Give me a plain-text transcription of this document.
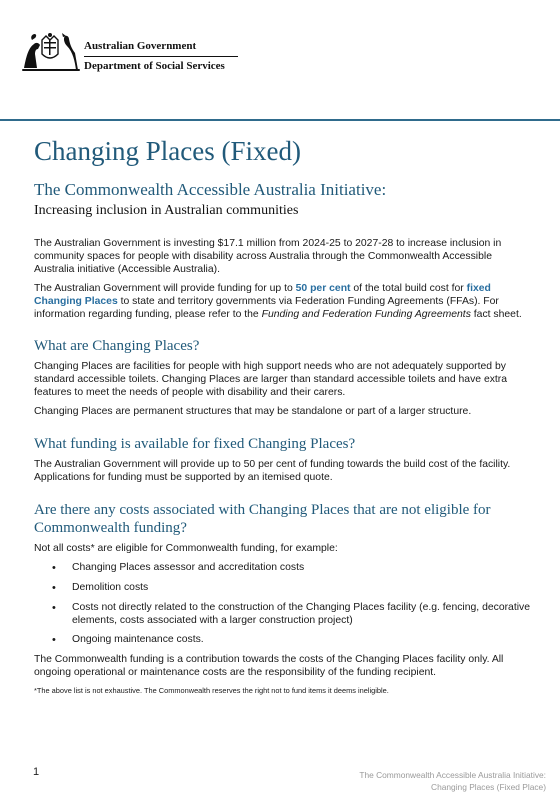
Australian Government
Department of Social Services
Changing Places (Fixed)
The Commonwealth Accessible Australia Initiative:
Increasing inclusion in Australian communities

The Australian Government is investing $17.1 million from 2024-25 to 2027-28 to increase inclusion in community spaces for people with disability across Australia through the Commonwealth Accessible Australia initiative (Accessible Australia).

The Australian Government will provide funding for up to 50 per cent of the total build cost for fixed Changing Places to state and territory governments via Federation Funding Agreements (FFAs). For information regarding funding, please refer to the Funding and Federation Funding Agreements fact sheet.

What are Changing Places?

Changing Places are facilities for people with high support needs who are not adequately supported by standard accessible toilets. Changing Places are larger than standard accessible toilets and have extra features to meet the needs of people with disability and their carers.

Changing Places are permanent structures that may be standalone or part of a larger structure.

What funding is available for fixed Changing Places?

The Australian Government will provide up to 50 per cent of funding towards the build cost of the facility. Applications for funding must be supported by an itemised quote.

Are there any costs associated with Changing Places that are not eligible for Commonwealth funding?

Not all costs* are eligible for Commonwealth funding, for example:

• Changing Places assessor and accreditation costs
• Demolition costs
• Costs not directly related to the construction of the Changing Places facility (e.g. fencing, decorative elements, costs associated with a larger construction project)
• Ongoing maintenance costs.

The Commonwealth funding is a contribution towards the costs of the Changing Places facility only. All ongoing operational or maintenance costs are the responsibility of the funding recipient.

*The above list is not exhaustive. The Commonwealth reserves the right not to fund items it deems ineligible.

1	The Commonwealth Accessible Australia Initiative:
Changing Places (Fixed Place)
